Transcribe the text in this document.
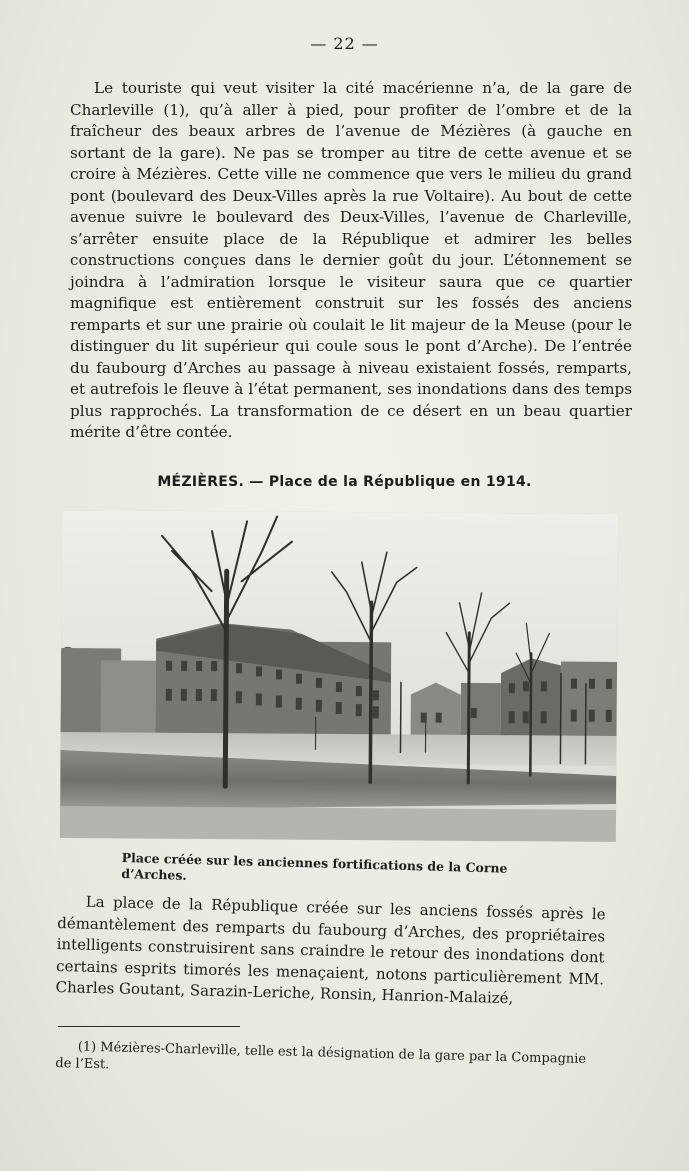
— 22 —

Le touriste qui veut visiter la cité macérienne n’a, de la gare de Charleville (1), qu’à aller à pied, pour profiter de l’ombre et de la fraîcheur des beaux arbres de l’avenue de Mézières (à gauche en sortant de la gare). Ne pas se tromper au titre de cette avenue et se croire à Mézières. Cette ville ne commence que vers le milieu du grand pont (boulevard des Deux-Villes après la rue Voltaire). Au bout de cette avenue suivre le boulevard des Deux-Villes, l’avenue de Charleville, s’arrêter ensuite place de la République et admirer les belles constructions conçues dans le dernier goût du jour. L’étonnement se joindra à l’admiration lorsque le visiteur saura que ce quartier magnifique est entièrement construit sur les fossés des anciens remparts et sur une prairie où coulait le lit majeur de la Meuse (pour le distinguer du lit supérieur qui coule sous le pont d’Arche). De l’entrée du faubourg d’Arches au passage à niveau existaient fossés, remparts, et autrefois le fleuve à l’état permanent, ses inondations dans des temps plus rapprochés. La transformation de ce désert en un beau quartier mérite d’être contée.

MÉZIÈRES. — Place de la République en 1914.
Place créée sur les anciennes fortifications de la Corne d’Arches.

La place de la République créée sur les anciens fossés après le démantèlement des remparts du faubourg d’Arches, des propriétaires intelligents construisirent sans craindre le retour des inondations dont certains esprits timorés les menaçaient, notons particulièrement MM. Charles Goutant, Sarazin-Leriche, Ronsin, Hanrion-Malaizé,

(1) Mézières-Charleville, telle est la désignation de la gare par la Compagnie de l’Est.
